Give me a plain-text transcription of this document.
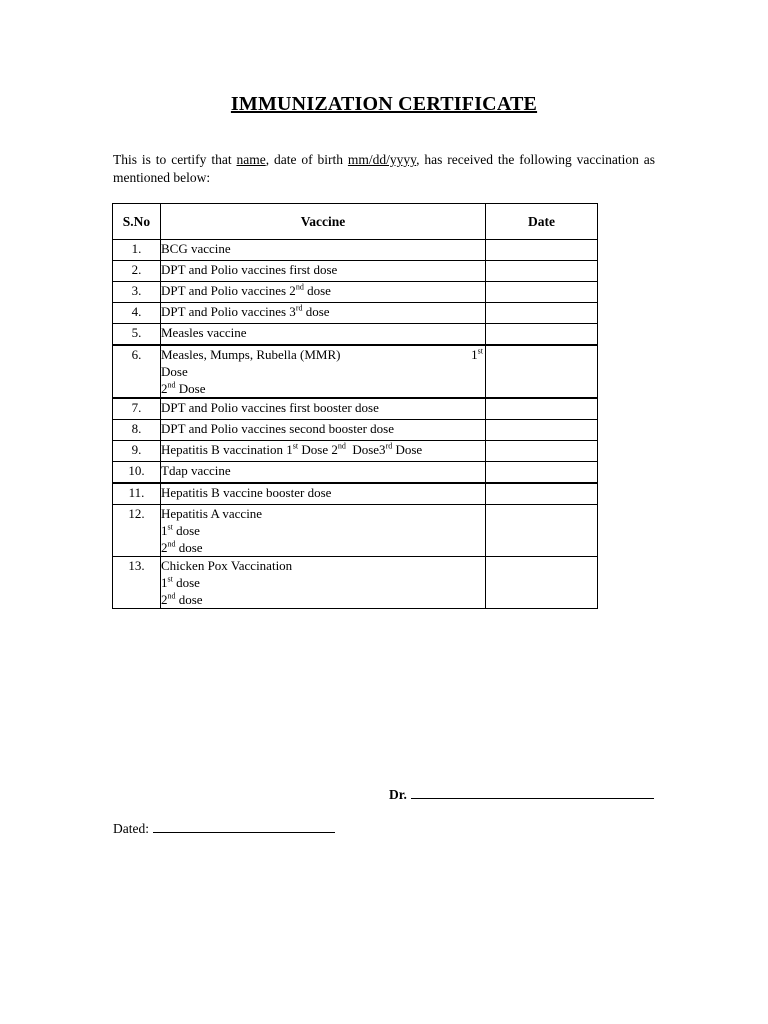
IMMUNIZATION CERTIFICATE
This is to certify that name, date of birth mm/dd/yyyy, has received the following vaccination as mentioned below:
S.No	Vaccine	Date
1.	BCG vaccine	
2.	DPT and Polio vaccines first dose	
3.	DPT and Polio vaccines 2nd dose	
4.	DPT and Polio vaccines 3rd dose	
5.	Measles vaccine	
6.	Measles, Mumps, Rubella (MMR) 1st
Dose
2nd Dose	

7.	DPT and Polio vaccines first booster dose	
8.	DPT and Polio vaccines second booster dose	
9.	Hepatitis B vaccination 1st Dose 2nd  Dose3rd Dose	
10.	Tdap vaccine	
11.	Hepatitis B vaccine booster dose	
12.	Hepatitis A vaccine
1st dose
2nd dose	

13.	Chicken Pox Vaccination
1st dose
2nd dose	

Dr.
Dated:
